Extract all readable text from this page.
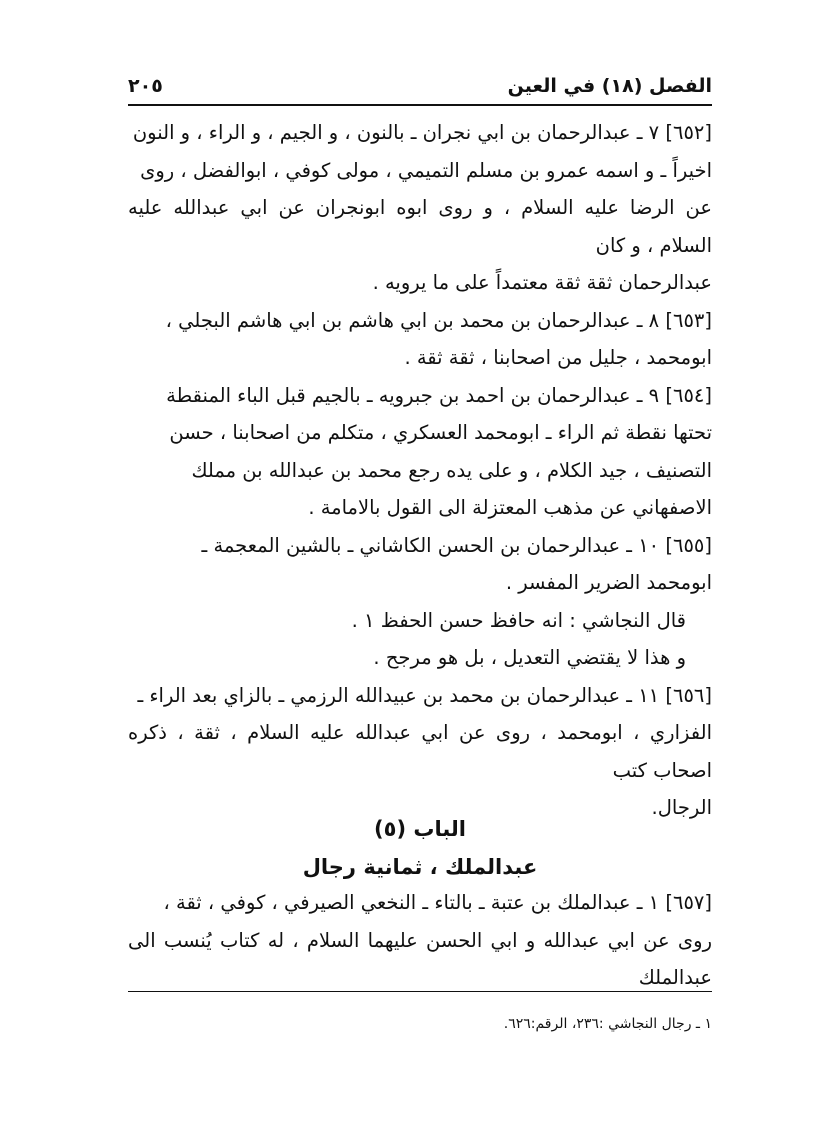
الفصل (١٨) في العين
٢٠٥

[٦٥٢] ٧ ـ عبدالرحمان بن ابي نجران ـ بالنون ، و الجيم ، و الراء ، و النون
اخيراً ـ و اسمه عمرو بن مسلم التميمي ، مولى كوفي ، ابوالفضل ، روى
عن الرضا عليه السلام ، و روى ابوه ابونجران عن ابي عبدالله عليه السلام ، و كان
عبدالرحمان ثقة ثقة معتمداً على ما يرويه .

[٦٥٣] ٨ ـ عبدالرحمان بن محمد بن ابي هاشم بن ابي هاشم البجلي ،
ابومحمد ، جليل من اصحابنا ، ثقة ثقة .

[٦٥٤] ٩ ـ عبدالرحمان بن احمد بن جبرويه ـ بالجيم قبل الباء المنقطة
تحتها نقطة ثم الراء ـ ابومحمد العسكري ، متكلم من اصحابنا ، حسن
التصنيف ، جيد الكلام ، و على يده رجع محمد بن عبدالله بن مملك
الاصفهاني عن مذهب المعتزلة الى القول بالامامة .

[٦٥٥] ١٠ ـ عبدالرحمان بن الحسن الكاشاني ـ بالشين المعجمة ـ
ابومحمد الضرير المفسر .

قال النجاشي : انه حافظ حسن الحفظ ١ .

و هذا لا يقتضي التعديل ، بل هو مرجح .

[٦٥٦] ١١ ـ عبدالرحمان بن محمد بن عبيدالله الرزمي ـ بالزاي بعد الراء ـ
الفزاري ، ابومحمد ، روى عن ابي عبدالله عليه السلام ، ثقة ، ذكره اصحاب كتب
الرجال.

الباب (٥)
عبدالملك ، ثمانية رجال

[٦٥٧] ١ ـ عبدالملك بن عتبة ـ بالتاء ـ النخعي الصيرفي ، كوفي ، ثقة ،
روى عن ابي عبدالله و ابي الحسن عليهما السلام ، له كتاب يُنسب الى عبدالملك

١ ـ رجال النجاشي :٢٣٦، الرقم:٦٢٦.
